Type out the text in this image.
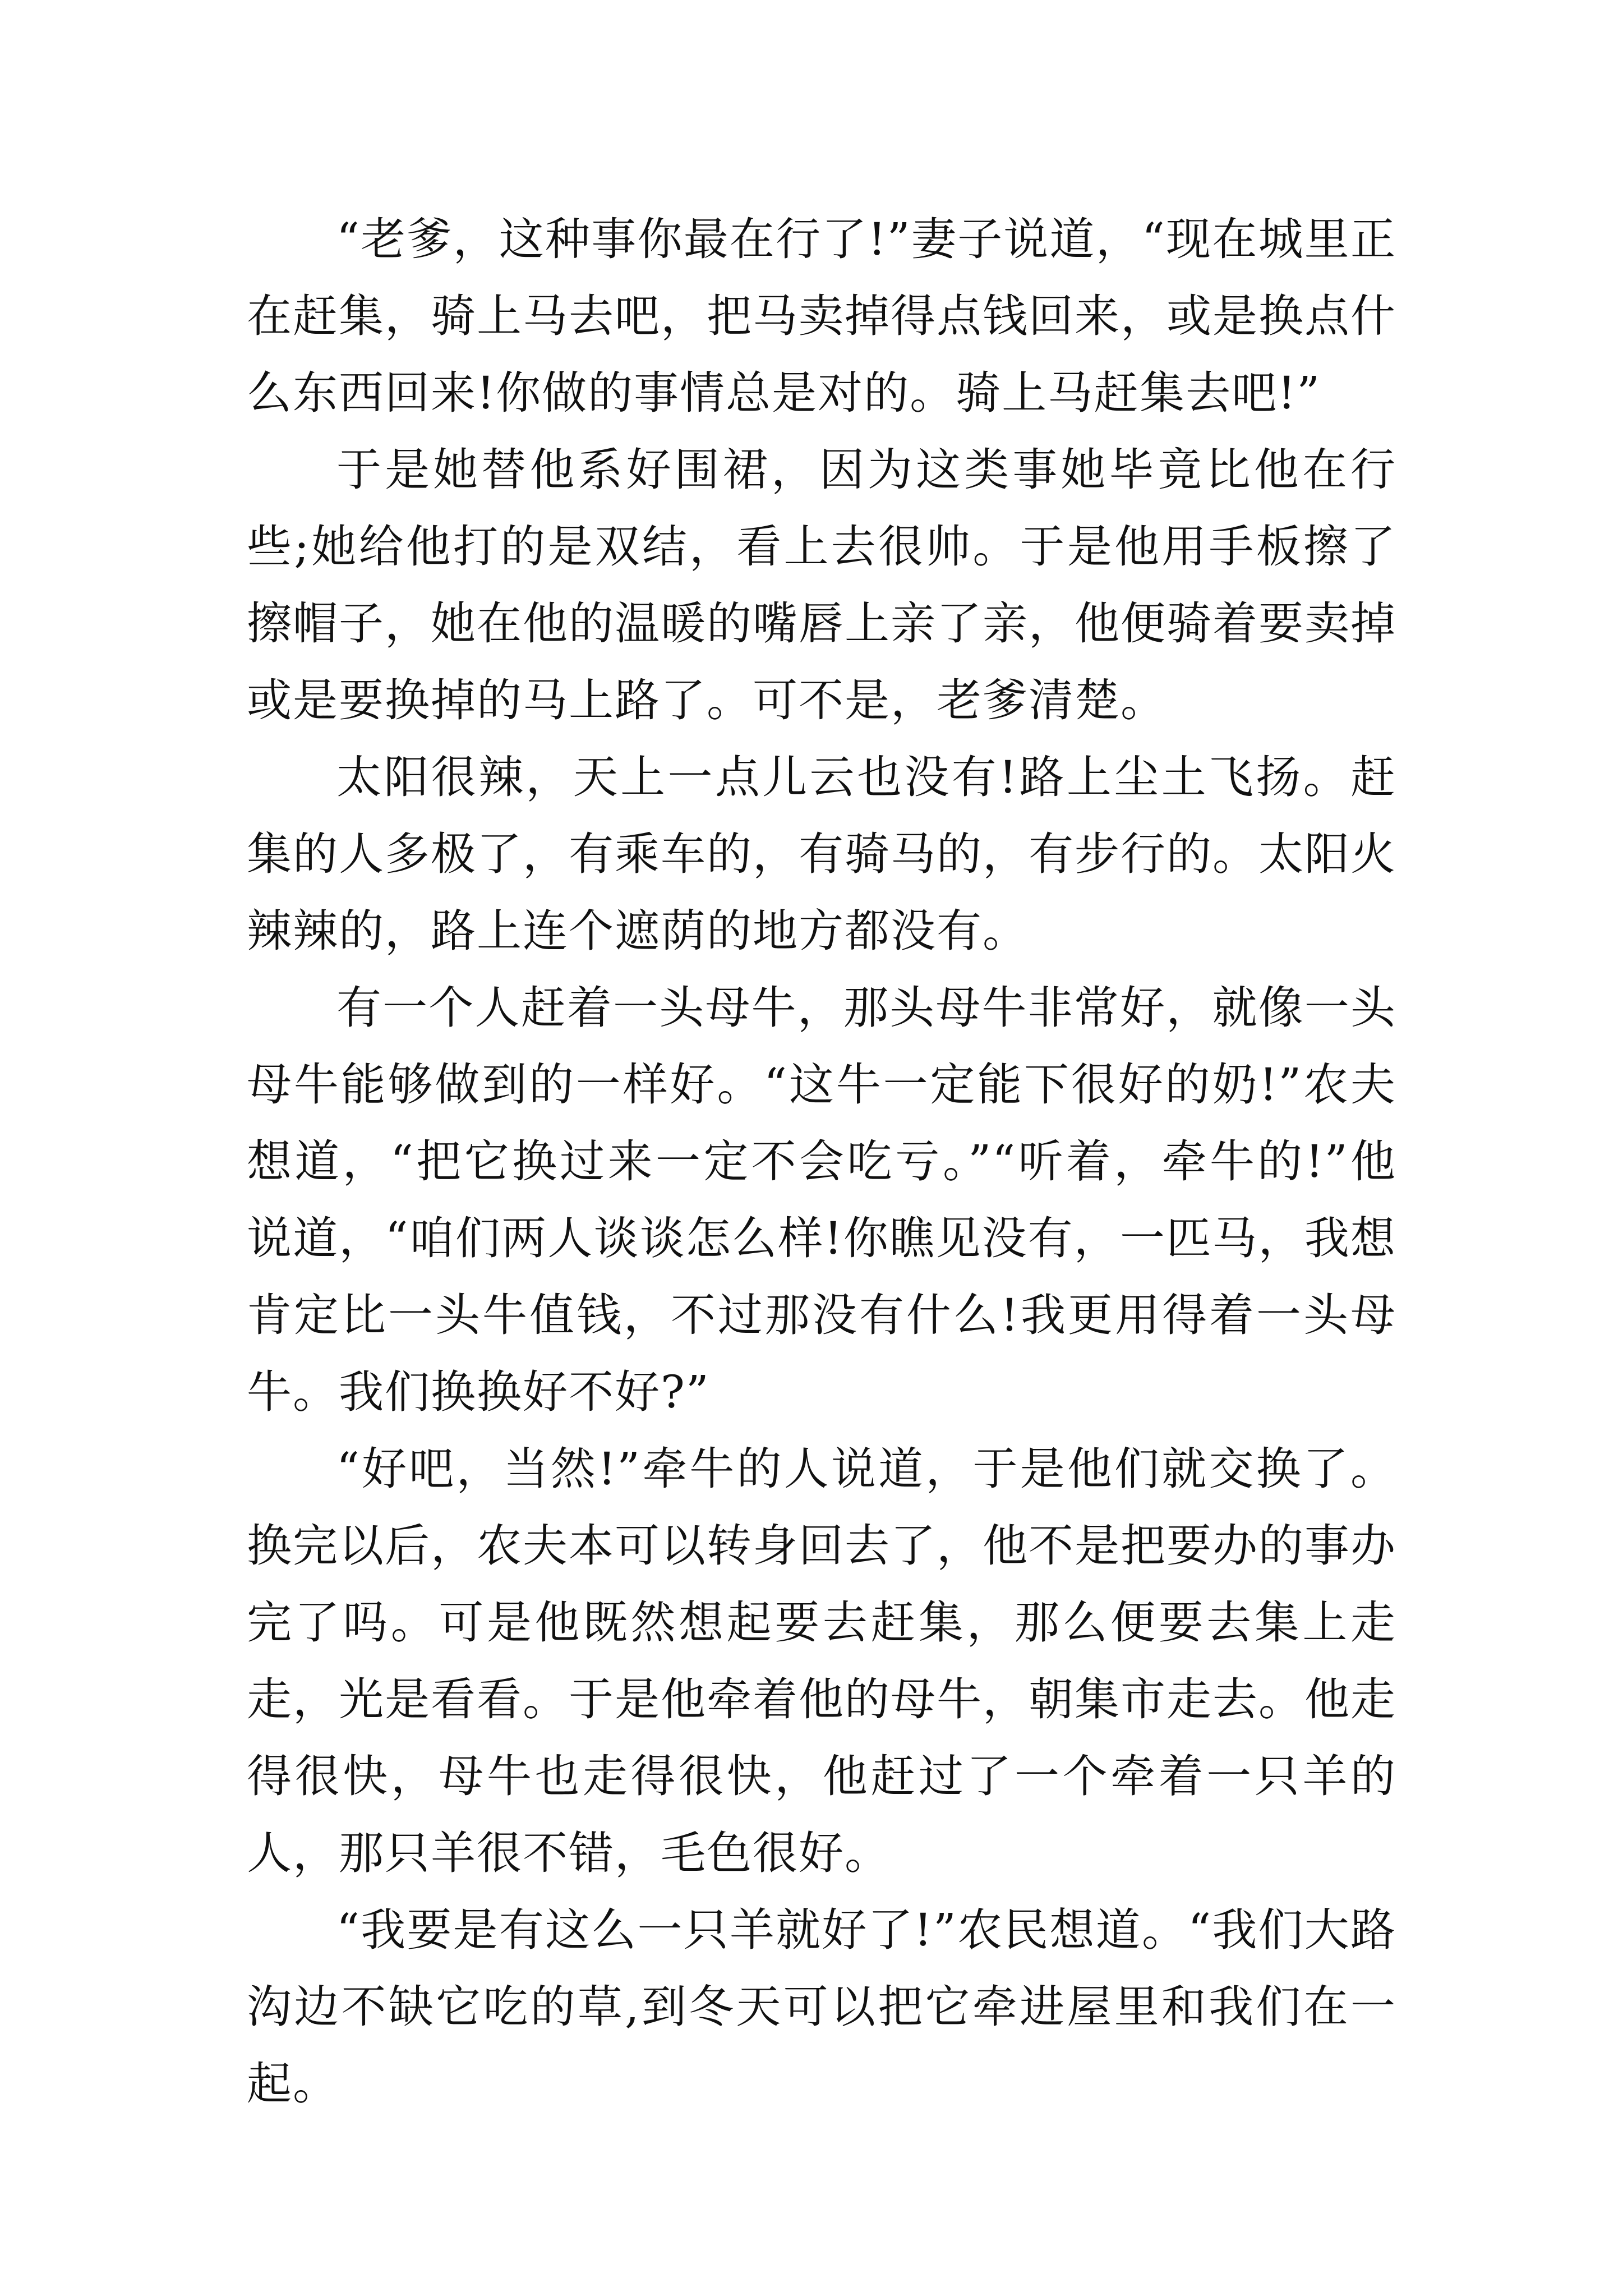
“老爹，这种事你最在行了!”妻子说道，“现在城里正在赶集，骑上马去吧，把马卖掉得点钱回来，或是换点什么东西回来!你做的事情总是对的。骑上马赶集去吧!”

于是她替他系好围裙，因为这类事她毕竟比他在行些;她给他打的是双结，看上去很帅。于是他用手板擦了擦帽子，她在他的温暖的嘴唇上亲了亲，他便骑着要卖掉或是要换掉的马上路了。可不是，老爹清楚。

太阳很辣，天上一点儿云也没有!路上尘土飞扬。赶集的人多极了，有乘车的，有骑马的，有步行的。太阳火辣辣的，路上连个遮荫的地方都没有。

有一个人赶着一头母牛，那头母牛非常好，就像一头母牛能够做到的一样好。“这牛一定能下很好的奶!”农夫想道，“把它换过来一定不会吃亏。”“听着，牵牛的!”他说道，“咱们两人谈谈怎么样!你瞧见没有，一匹马，我想肯定比一头牛值钱，不过那没有什么!我更用得着一头母牛。我们换换好不好?”

“好吧，当然!”牵牛的人说道，于是他们就交换了。换完以后，农夫本可以转身回去了，他不是把要办的事办完了吗。可是他既然想起要去赶集，那么便要去集上走走，光是看看。于是他牵着他的母牛，朝集市走去。他走得很快，母牛也走得很快，他赶过了一个牵着一只羊的人，那只羊很不错，毛色很好。

“我要是有这么一只羊就好了!”农民想道。“我们大路沟边不缺它吃的草,到冬天可以把它牵进屋里和我们在一起。
